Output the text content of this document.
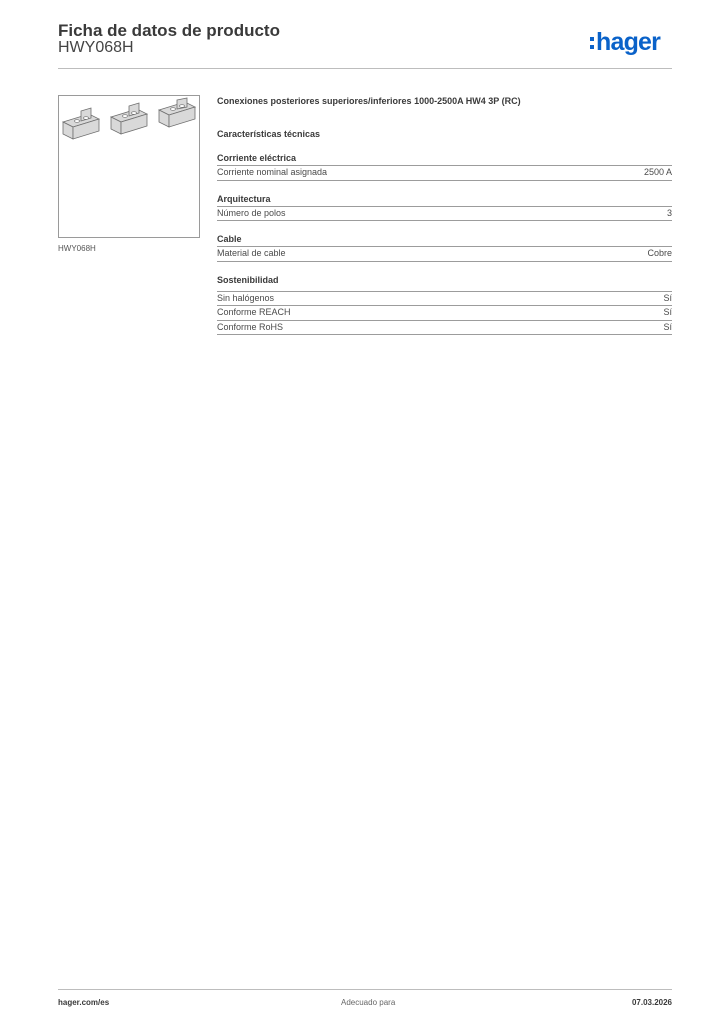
Ficha de datos de producto
HWY068H	hager
HWY068H
Conexiones posteriores superiores/inferiores 1000-2500A HW4 3P (RC)
Características técnicas
Corriente eléctrica
Corriente nominal asignada	2500 A
Arquitectura
Número de polos	3
Cable
Material de cable	Cobre
Sostenibilidad
Sin halógenos	Sí
Conforme REACH	Sí
Conforme RoHS	Sí
hager.com/es	Adecuado para	07.03.2026
